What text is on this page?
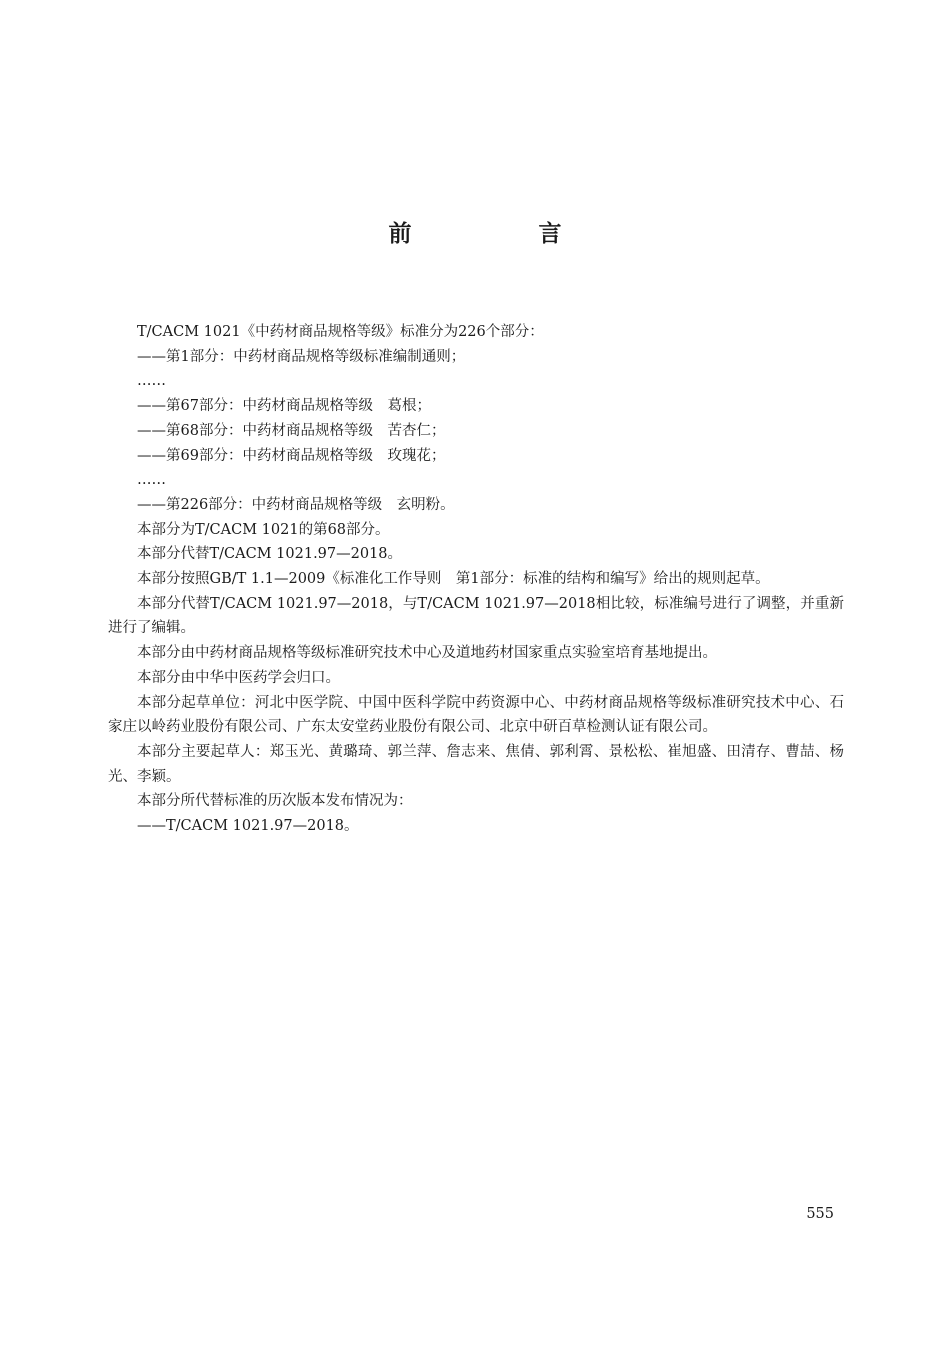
前　言

T/CACM 1021《中药材商品规格等级》标准分为226个部分：

——第1部分：中药材商品规格等级标准编制通则；

……

——第67部分：中药材商品规格等级　葛根；

——第68部分：中药材商品规格等级　苦杏仁；

——第69部分：中药材商品规格等级　玫瑰花；

……

——第226部分：中药材商品规格等级　玄明粉。

本部分为T/CACM 1021的第68部分。

本部分代替T/CACM 1021.97—2018。

本部分按照GB/T 1.1—2009《标准化工作导则　第1部分：标准的结构和编写》给出的规则起草。

本部分代替T/CACM 1021.97—2018，与T/CACM 1021.97—2018相比较，标准编号进行了调整，并重新进行了编辑。

本部分由中药材商品规格等级标准研究技术中心及道地药材国家重点实验室培育基地提出。

本部分由中华中医药学会归口。

本部分起草单位：河北中医学院、中国中医科学院中药资源中心、中药材商品规格等级标准研究技术中心、石家庄以岭药业股份有限公司、广东太安堂药业股份有限公司、北京中研百草检测认证有限公司。

本部分主要起草人：郑玉光、黄璐琦、郭兰萍、詹志来、焦倩、郭利霄、景松松、崔旭盛、田清存、曹喆、杨光、李颖。

本部分所代替标准的历次版本发布情况为：

——T/CACM 1021.97—2018。

555
